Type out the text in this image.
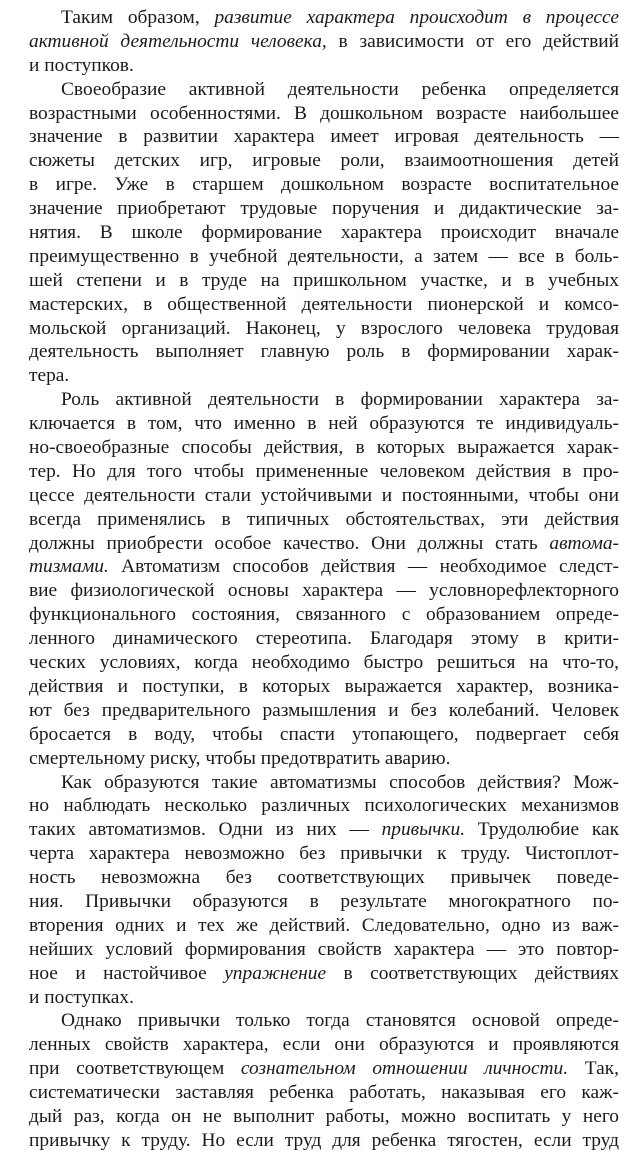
Таким образом, развитие характера происходит в процессе
активной деятельности человека, в зависимости от его действий
и поступков.
Своеобразие активной деятельности ребенка определяется
возрастными особенностями. В дошкольном возрасте наибольшее
значение в развитии характера имеет игровая деятельность —
сюжеты детских игр, игровые роли, взаимоотношения детей
в игре. Уже в старшем дошкольном возрасте воспитательное
значение приобретают трудовые поручения и дидактические за-
нятия. В школе формирование характера происходит вначале
преимущественно в учебной деятельности, а затем — все в боль-
шей степени и в труде на пришкольном участке, и в учебных
мастерских, в общественной деятельности пионерской и комсо-
мольской организаций. Наконец, у взрослого человека трудовая
деятельность выполняет главную роль в формировании харак-
тера.
Роль активной деятельности в формировании характера за-
ключается в том, что именно в ней образуются те индивидуаль-
но-своеобразные способы действия, в которых выражается харак-
тер. Но для того чтобы примененные человеком действия в про-
цессе деятельности стали устойчивыми и постоянными, чтобы они
всегда применялись в типичных обстоятельствах, эти действия
должны приобрести особое качество. Они должны стать автома-
тизмами. Автоматизм способов действия — необходимое следст-
вие физиологической основы характера — условнорефлекторного
функционального состояния, связанного с образованием опреде-
ленного динамического стереотипа. Благодаря этому в крити-
ческих условиях, когда необходимо быстро решиться на что-то,
действия и поступки, в которых выражается характер, возника-
ют без предварительного размышления и без колебаний. Человек
бросается в воду, чтобы спасти утопающего, подвергает себя
смертельному риску, чтобы предотвратить аварию.
Как образуются такие автоматизмы способов действия? Мож-
но наблюдать несколько различных психологических механизмов
таких автоматизмов. Одни из них — привычки. Трудолюбие как
черта характера невозможно без привычки к труду. Чистоплот-
ность невозможна без соответствующих привычек поведе-
ния. Привычки образуются в результате многократного по-
вторения одних и тех же действий. Следовательно, одно из важ-
нейших условий формирования свойств характера — это повтор-
ное и настойчивое упражнение в соответствующих действиях
и поступках.
Однако привычки только тогда становятся основой опреде-
ленных свойств характера, если они образуются и проявляются
при соответствующем сознательном отношении личности. Так,
систематически заставляя ребенка работать, наказывая его каж-
дый раз, когда он не выполнит работы, можно воспитать у него
привычку к труду. Но если труд для ребенка тягостен, если труд
